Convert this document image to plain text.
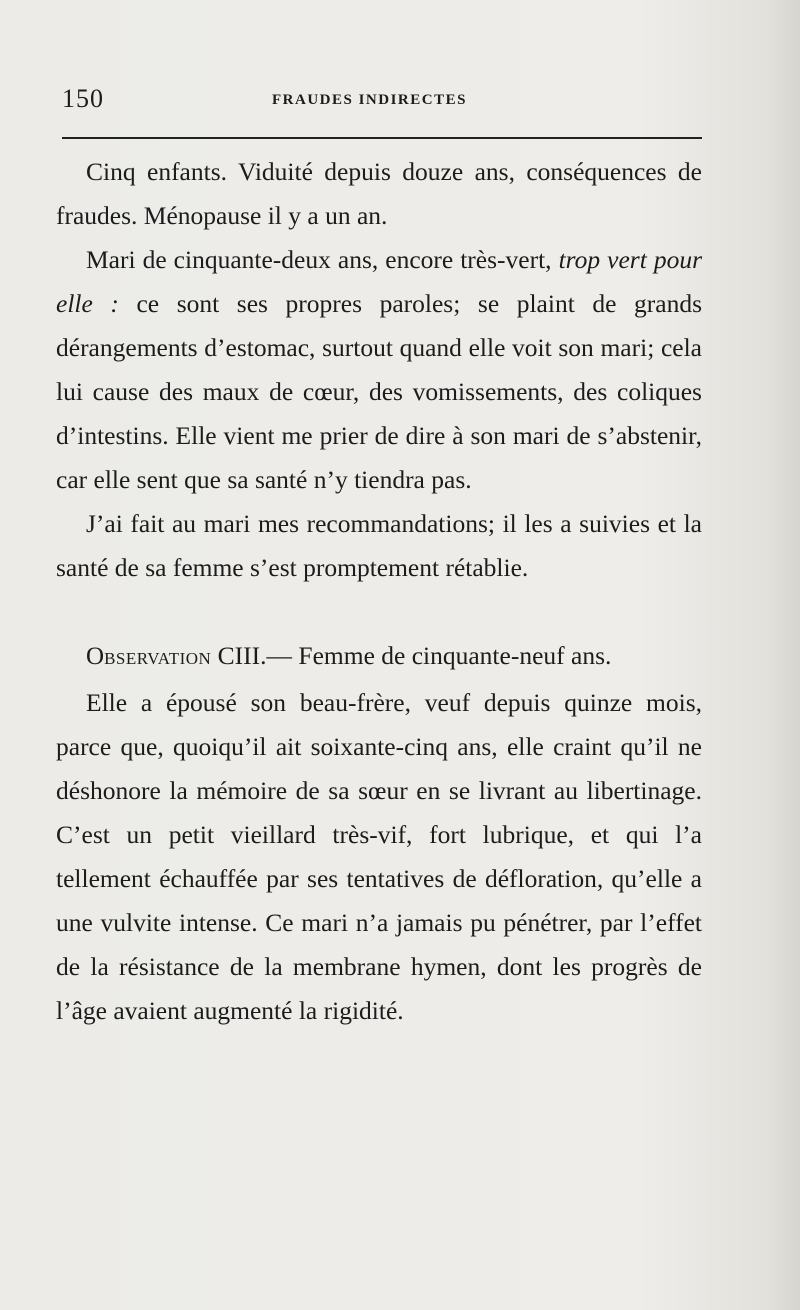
150	FRAUDES INDIRECTES

Cinq enfants. Viduité depuis douze ans, conséquences de fraudes. Ménopause il y a un an.

Mari de cinquante-deux ans, encore très-vert, trop vert pour elle : ce sont ses propres paroles; se plaint de grands dérangements d’estomac, surtout quand elle voit son mari; cela lui cause des maux de cœur, des vomissements, des coliques d’intestins. Elle vient me prier de dire à son mari de s’abstenir, car elle sent que sa santé n’y tiendra pas.

J’ai fait au mari mes recommandations; il les a suivies et la santé de sa femme s’est promptement rétablie.

OBSERVATION CIII.— Femme de cinquante-neuf ans.

Elle a épousé son beau-frère, veuf depuis quinze mois, parce que, quoiqu’il ait soixante-cinq ans, elle craint qu’il ne déshonore la mémoire de sa sœur en se livrant au libertinage. C’est un petit vieillard très-vif, fort lubrique, et qui l’a tellement échauffée par ses tentatives de défloration, qu’elle a une vulvite intense. Ce mari n’a jamais pu pénétrer, par l’effet de la résistance de la membrane hymen, dont les progrès de l’âge avaient augmenté la rigidité.
